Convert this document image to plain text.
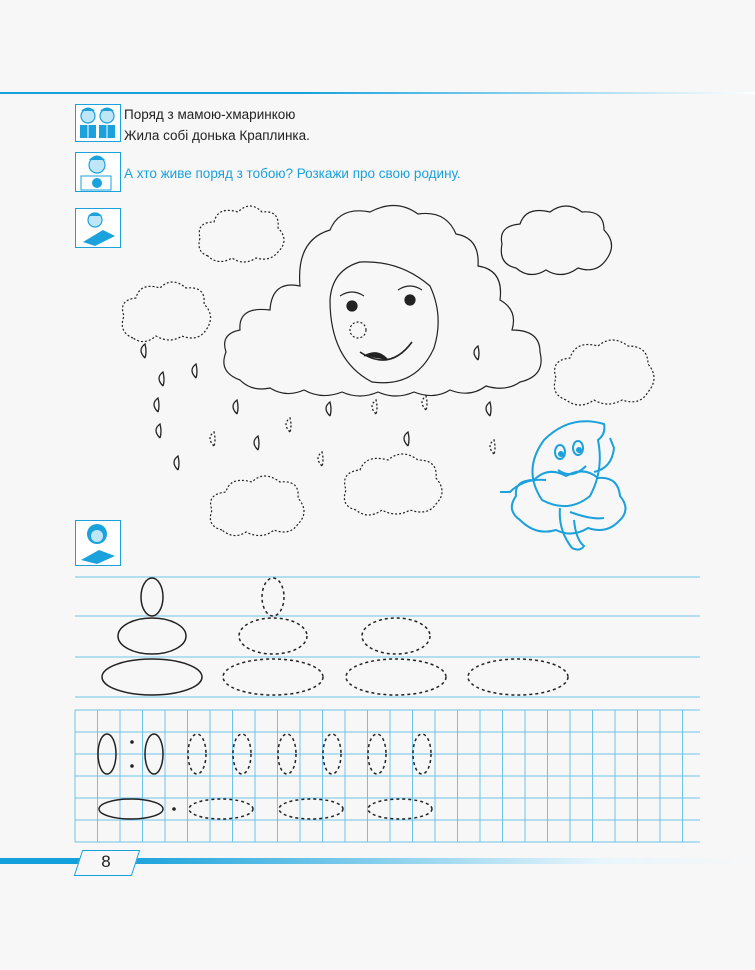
Поряд з мамою-хмаринкою
Жила собі донька Краплинка.
А хто живе поряд з тобою? Розкажи про свою родину.
8
